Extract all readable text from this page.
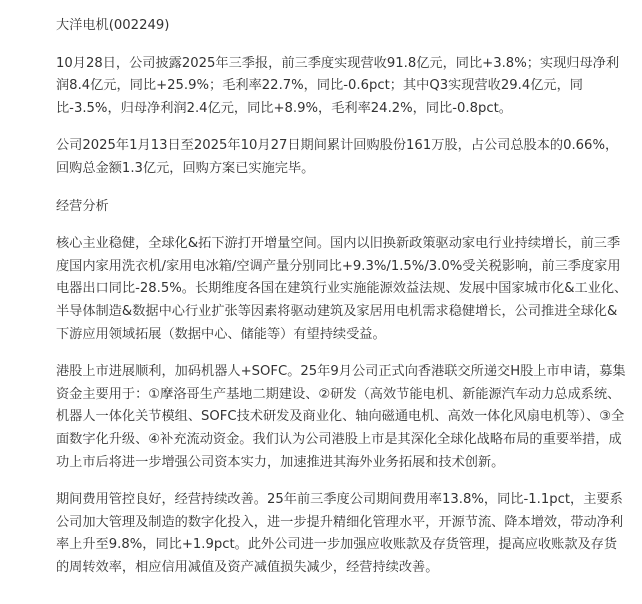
大洋电机(002249)

10月28日，公司披露2025年三季报，前三季度实现营收91.8亿元，同比+3.8%；实现归母净利润8.4亿元，同比+25.9%；毛利率22.7%，同比-0.6pct；其中Q3实现营收29.4亿元，同比-3.5%，归母净利润2.4亿元，同比+8.9%，毛利率24.2%，同比-0.8pct。

公司2025年1月13日至2025年10月27日期间累计回购股份161万股，占公司总股本的0.66%，回购总金额1.3亿元，回购方案已实施完毕。

经营分析

核心主业稳健，全球化&拓下游打开增量空间。国内以旧换新政策驱动家电行业持续增长，前三季度国内家用洗衣机/家用电冰箱/空调产量分别同比+9.3%/1.5%/3.0%受关税影响，前三季度家用电器出口同比-28.5%。长期维度各国在建筑行业实施能源效益法规、发展中国家城市化&工业化、半导体制造&数据中心行业扩张等因素将驱动建筑及家居用电机需求稳健增长，公司推进全球化&下游应用领域拓展（数据中心、储能等）有望持续受益。

港股上市进展顺利，加码机器人+SOFC。25年9月公司正式向香港联交所递交H股上市申请，募集资金主要用于：①摩洛哥生产基地二期建设、②研发（高效节能电机、新能源汽车动力总成系统、机器人一体化关节模组、SOFC技术研发及商业化、轴向磁通电机、高效一体化风扇电机等）、③全面数字化升级、④补充流动资金。我们认为公司港股上市是其深化全球化战略布局的重要举措，成功上市后将进一步增强公司资本实力，加速推进其海外业务拓展和技术创新。

期间费用管控良好，经营持续改善。25年前三季度公司期间费用率13.8%，同比-1.1pct，主要系公司加大管理及制造的数字化投入，进一步提升精细化管理水平，开源节流、降本增效，带动净利率上升至9.8%，同比+1.9pct。此外公司进一步加强应收账款及存货管理，提高应收账款及存货的周转效率，相应信用减值及资产减值损失减少，经营持续改善。
